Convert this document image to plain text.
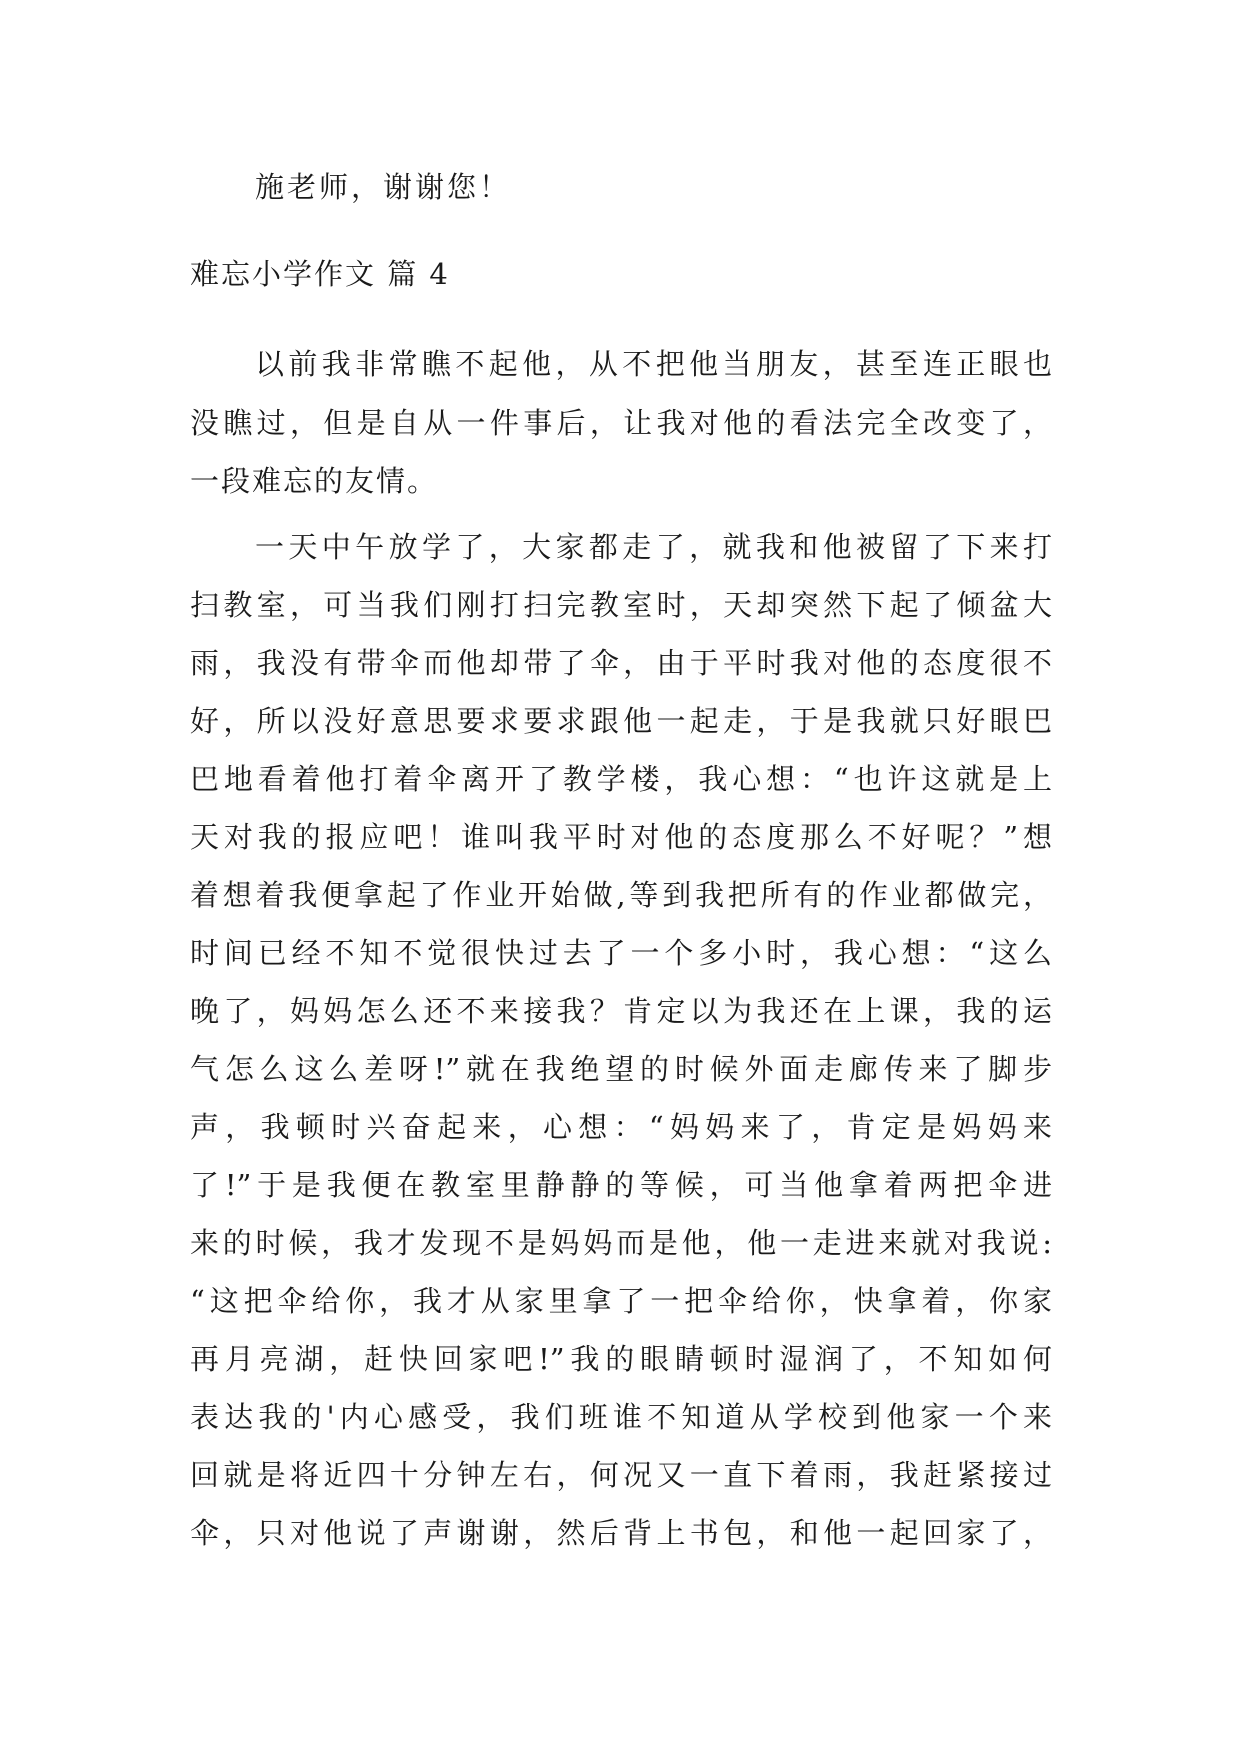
施老师，谢谢您！
难忘小学作文 篇 4
以前我非常瞧不起他，从不把他当朋友，甚至连正眼也
没瞧过，但是自从一件事后，让我对他的看法完全改变了，
一段难忘的友情。
一天中午放学了，大家都走了，就我和他被留了下来打
扫教室，可当我们刚打扫完教室时，天却突然下起了倾盆大
雨，我没有带伞而他却带了伞，由于平时我对他的态度很不
好，所以没好意思要求要求跟他一起走，于是我就只好眼巴
巴地看着他打着伞离开了教学楼，我心想：“也许这就是上
天对我的报应吧！谁叫我平时对他的态度那么不好呢？”想
着想着我便拿起了作业开始做,等到我把所有的作业都做完，
时间已经不知不觉很快过去了一个多小时，我心想：“这么
晚了，妈妈怎么还不来接我？肯定以为我还在上课，我的运
气怎么这么差呀!”就在我绝望的时候外面走廊传来了脚步
声，我顿时兴奋起来，心想：“妈妈来了，肯定是妈妈来
了!”于是我便在教室里静静的等候，可当他拿着两把伞进
来的时候，我才发现不是妈妈而是他，他一走进来就对我说:
“这把伞给你，我才从家里拿了一把伞给你，快拿着，你家
再月亮湖，赶快回家吧!”我的眼睛顿时湿润了，不知如何
表达我的'内心感受，我们班谁不知道从学校到他家一个来
回就是将近四十分钟左右，何况又一直下着雨，我赶紧接过
伞，只对他说了声谢谢，然后背上书包，和他一起回家了，
